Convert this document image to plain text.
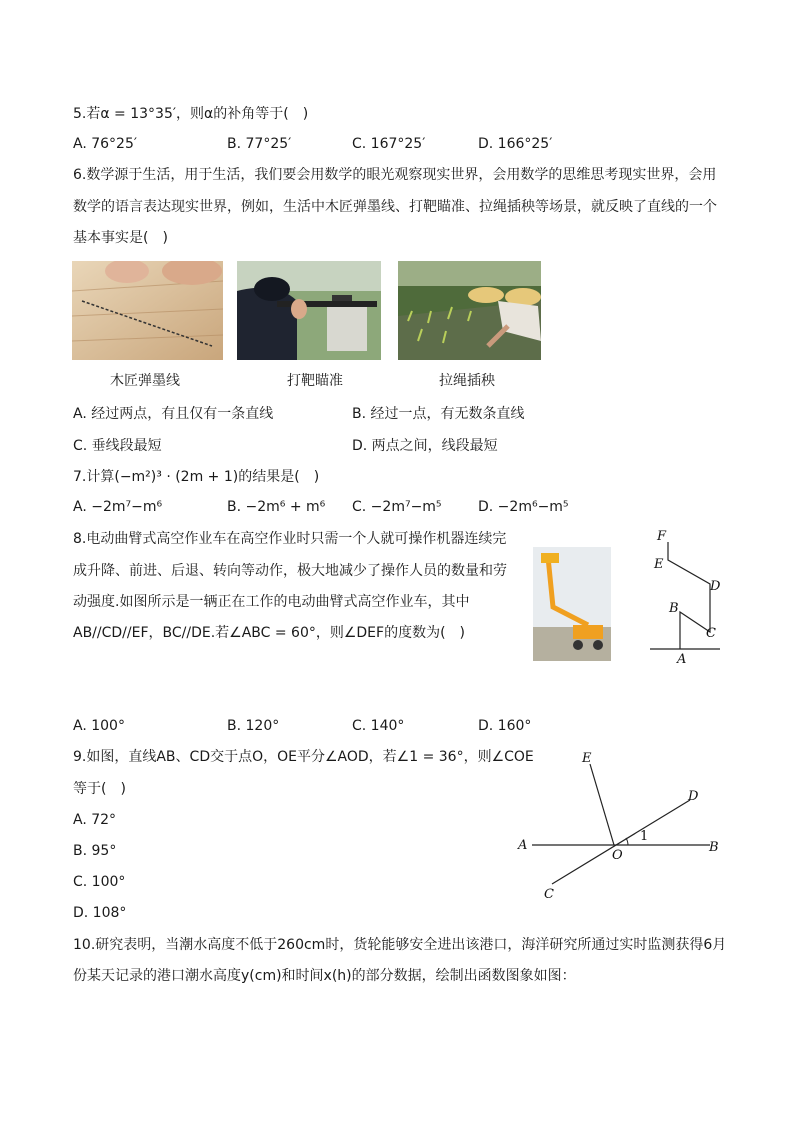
5.若α = 13°35′，则α的补角等于(　)
A. 76°25′	B. 77°25′	C. 167°25′	D. 166°25′
6.数学源于生活，用于生活，我们要会用数学的眼光观察现实世界，会用数学的思维思考现实世界，会用
数学的语言表达现实世界，例如，生活中木匠弹墨线、打靶瞄准、拉绳插秧等场景，就反映了直线的一个
基本事实是(　)
木匠弹墨线	打靶瞄准	拉绳插秧
A. 经过两点，有且仅有一条直线	B. 经过一点，有无数条直线
C. 垂线段最短	D. 两点之间，线段最短
7.计算(−m²)³ · (2m + 1)的结果是(　)
A. −2m⁷−m⁶	B. −2m⁶ + m⁶ C. −2m⁷−m⁵	D. −2m⁶−m⁵
8.电动曲臂式高空作业车在高空作业时只需一个人就可操作机器连续完
成升降、前进、后退、转向等动作，极大地减少了操作人员的数量和劳
动强度.如图所示是一辆正在工作的电动曲臂式高空作业车，其中
AB//CD//EF，BC//DE.若∠ABC = 60°，则∠DEF的度数为(　)
F
E
D
B
C
A
A. 100°	B. 120°	C. 140°	D. 160°
9.如图，直线AB、CD交于点O，OE平分∠AOD，若∠1 = 36°，则∠COE
等于(　)
A. 72°
B. 95°
C. 100°
D. 108°
E
D
A
O
1
B
C
10.研究表明，当潮水高度不低于260cm时，货轮能够安全进出该港口，海洋研究所通过实时监测获得6月
份某天记录的港口潮水高度y(cm)和时间x(h)的部分数据，绘制出函数图象如图：
